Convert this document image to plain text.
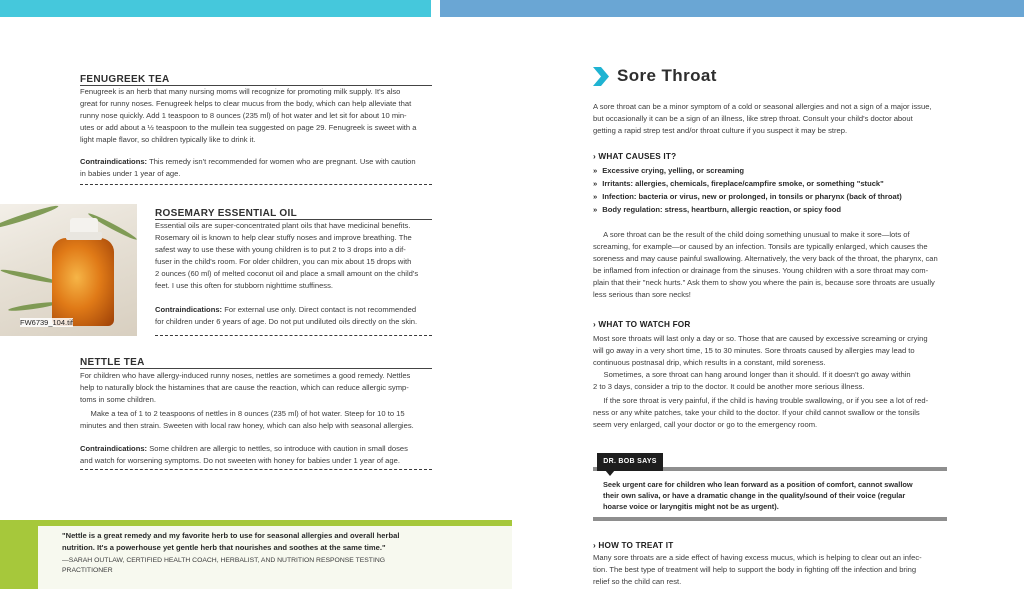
FENUGREEK TEA

Fenugreek is an herb that many nursing moms will recognize for promoting milk supply. It's also

great for runny noses. Fenugreek helps to clear mucus from the body, which can help alleviate that

runny nose quickly. Add 1 teaspoon to 8 ounces (235 ml) of hot water and let sit for about 10 min-

utes or add about a ½ teaspoon to the mullein tea suggested on page 29. Fenugreek is sweet with a

light maple flavor, so children typically like to drink it.

Contraindications: This remedy isn't recommended for women who are pregnant. Use with caution

in babies under 1 year of age.

FW6739_104.tif
ROSEMARY ESSENTIAL OIL

Essential oils are super-concentrated plant oils that have medicinal benefits.

Rosemary oil is known to help clear stuffy noses and improve breathing. The

safest way to use these with young children is to put 2 to 3 drops into a dif-

fuser in the child's room. For older children, you can mix about 15 drops with

2 ounces (60 ml) of melted coconut oil and place a small amount on the child's

feet. I use this often for stubborn nighttime stuffiness.

Contraindications: For external use only. Direct contact is not recommended

for children under 6 years of age. Do not put undiluted oils directly on the skin.

NETTLE TEA

For children who have allergy-induced runny noses, nettles are sometimes a good remedy. Nettles

help to naturally block the histamines that are cause the reaction, which can reduce allergic symp-

toms in some children.

Make a tea of 1 to 2 teaspoons of nettles in 8 ounces (235 ml) of hot water. Steep for 10 to 15

minutes and then strain. Sweeten with local raw honey, which can also help with seasonal allergies.

Contraindications: Some children are allergic to nettles, so introduce with caution in small doses

and watch for worsening symptoms. Do not sweeten with honey for babies under 1 year of age.

"Nettle is a great remedy and my favorite herb to use for seasonal allergies and overall herbal

nutrition. It's a powerhouse yet gentle herb that nourishes and soothes at the same time."

—SARAH OUTLAW, CERTIFIED HEALTH COACH, HERBALIST, AND NUTRITION RESPONSE TESTING

PRACTITIONER

Sore Throat

A sore throat can be a minor symptom of a cold or seasonal allergies and not a sign of a major issue,

but occasionally it can be a sign of an illness, like strep throat. Consult your child's doctor about

getting a rapid strep test and/or throat culture if you suspect it may be strep.

› WHAT CAUSES IT?

» Excessive crying, yelling, or screaming

» Irritants: allergies, chemicals, fireplace/campfire smoke, or something "stuck"

» Infection: bacteria or virus, new or prolonged, in tonsils or pharynx (back of throat)

» Body regulation: stress, heartburn, allergic reaction, or spicy food

A sore throat can be the result of the child doing something unusual to make it sore—lots of

screaming, for example—or caused by an infection. Tonsils are typically enlarged, which causes the

soreness and may cause painful swallowing. Alternatively, the very back of the throat, the pharynx, can

be inflamed from infection or drainage from the sinuses. Young children with a sore throat may com-

plain that their "neck hurts." Ask them to show you where the pain is, because sore throats are usually

less serious than sore necks!

› WHAT TO WATCH FOR

Most sore throats will last only a day or so. Those that are caused by excessive screaming or crying

will go away in a very short time, 15 to 30 minutes. Sore throats caused by allergies may lead to

continuous postnasal drip, which results in a constant, mild soreness.

Sometimes, a sore throat can hang around longer than it should. If it doesn't go away within

2 to 3 days, consider a trip to the doctor. It could be another more serious illness.

If the sore throat is very painful, if the child is having trouble swallowing, or if you see a lot of red-

ness or any white patches, take your child to the doctor. If your child cannot swallow or the tonsils

seem very enlarged, call your doctor or go to the emergency room.

DR. BOB SAYS

Seek urgent care for children who lean forward as a position of comfort, cannot swallow

their own saliva, or have a dramatic change in the quality/sound of their voice (regular

hoarse voice or laryngitis might not be as urgent).

› HOW TO TREAT IT

Many sore throats are a side effect of having excess mucus, which is helping to clear out an infec-

tion. The best type of treatment will help to support the body in fighting off the infection and bring

relief so the child can rest.
